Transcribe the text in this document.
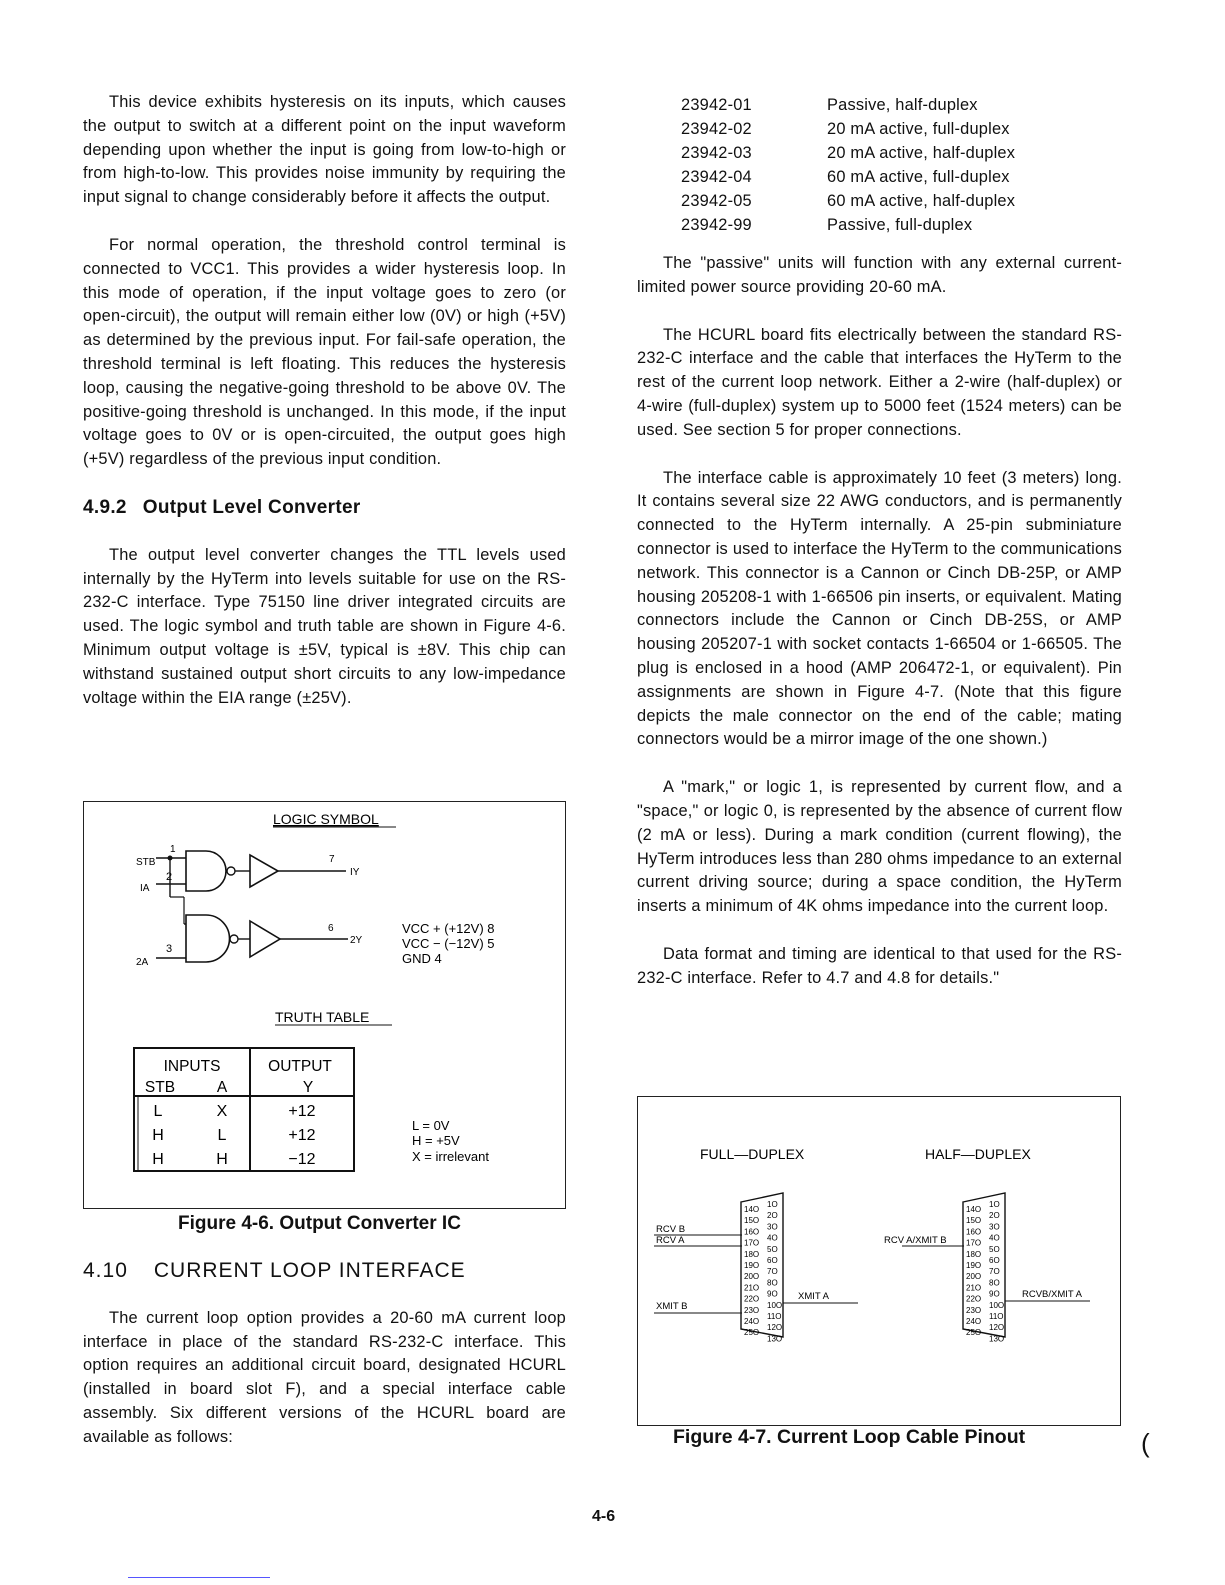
This device exhibits hysteresis on its inputs, which causes the output to switch at a different point on the input waveform depending upon whether the input is going from low-to-high or from high-to-low. This provides noise immunity by requiring the input signal to change considerably before it affects the output.

For normal operation, the threshold control terminal is connected to VCC1. This provides a wider hysteresis loop. In this mode of operation, if the input voltage goes to zero (or open-circuit), the output will remain either low (0V) or high (+5V) as determined by the previous input. For fail-safe operation, the threshold terminal is left floating. This reduces the hysteresis loop, causing the negative-going threshold to be above 0V. The positive-going threshold is unchanged. In this mode, if the input voltage goes to 0V or is open-circuited, the output goes high (+5V) regardless of the previous input condition.

4.9.2 Output Level Converter

The output level converter changes the TTL levels used internally by the HyTerm into levels suitable for use on the RS-232-C interface. Type 75150 line driver integrated circuits are used. The logic symbol and truth table are shown in Figure 4-6. Minimum output voltage is ±5V, typical is ±8V. This chip can withstand sustained output short circuits to any low-impedance voltage within the EIA range (±25V).

LOGIC SYMBOL
STB
1
2
IA
7
IY
3
2A
6
2Y
VCC + (+12V) 8
VCC − (−12V) 5
GND 4
TRUTH TABLE
INPUTS	OUTPUT
STB	A	Y
L	X	+12
H	L	+12
H	H	−12
L = 0V
H = +5V
X = irrelevant
Figure 4-6. Output Converter IC
4.10 CURRENT LOOP INTERFACE

The current loop option provides a 20-60 mA current loop interface in place of the standard RS-232-C interface. This option requires an additional circuit board, designated HCURL (installed in board slot F), and a special interface cable assembly. Six different versions of the HCURL board are available as follows:

23942-01	Passive, half-duplex
23942-02	20 mA active, full-duplex
23942-03	20 mA active, half-duplex
23942-04	60 mA active, full-duplex
23942-05	60 mA active, half-duplex
23942-99	Passive, full-duplex

The "passive" units will function with any external current-limited power source providing 20-60 mA.

The HCURL board fits electrically between the standard RS-232-C interface and the cable that interfaces the HyTerm to the rest of the current loop network. Either a 2-wire (half-duplex) or 4-wire (full-duplex) system up to 5000 feet (1524 meters) can be used. See section 5 for proper connections.

The interface cable is approximately 10 feet (3 meters) long. It contains several size 22 AWG conductors, and is permanently connected to the HyTerm internally. A 25-pin subminiature connector is used to interface the HyTerm to the communications network. This connector is a Cannon or Cinch DB-25P, or AMP housing 205208-1 with 1-66506 pin inserts, or equivalent. Mating connectors include the Cannon or Cinch DB-25S, or AMP housing 205207-1 with socket contacts 1-66504 or 1-66505. The plug is enclosed in a hood (AMP 206472-1, or equivalent). Pin assignments are shown in Figure 4-7. (Note that this figure depicts the male connector on the end of the cable; mating connectors would be a mirror image of the one shown.)

A "mark," or logic 1, is represented by current flow, and a "space," or logic 0, is represented by the absence of current flow (2 mA or less). During a mark condition (current flowing), the HyTerm introduces less than 280 ohms impedance to an external current driving source; during a space condition, the HyTerm inserts a minimum of 4K ohms impedance into the current loop.

Data format and timing are identical to that used for the RS-232-C interface. Refer to 4.7 and 4.8 for details."

FULL—DUPLEX	HALF—DUPLEX
14O
15O
16O
17O
18O
19O
20O
21O
22O
23O
24O
25O
1O
2O
3O
4O
5O
6O
7O
8O
9O
10O
11O
12O
13O
RCV B
RCV A
XMIT B
XMIT A
14O
15O
16O
17O
18O
19O
20O
21O
22O
23O
24O
25O
1O
2O
3O
4O
5O
6O
7O
8O
9O
10O
11O
12O
13O
RCV A/XMIT B
RCVB/XMIT A
Figure 4-7. Current Loop Cable Pinout	(
4-6
